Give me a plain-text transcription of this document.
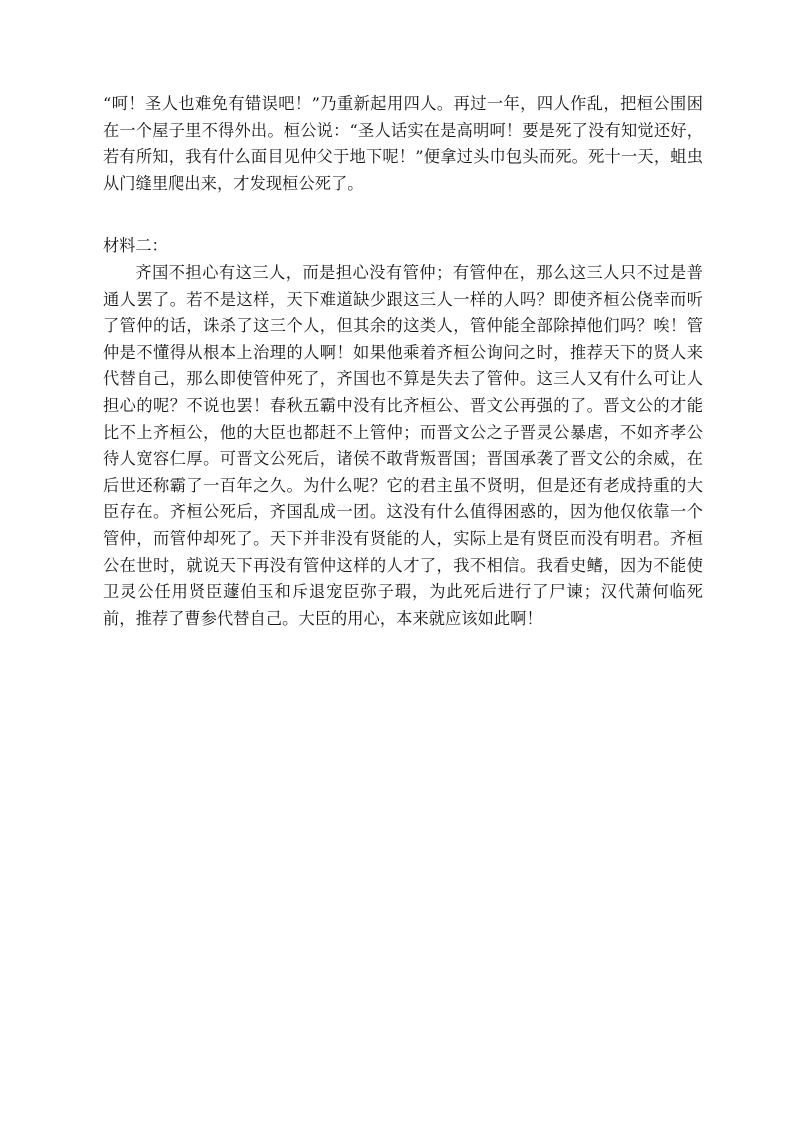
“呵！圣人也难免有错误吧！”乃重新起用四人。再过一年，四人作乱，把桓公围困在一个屋子里不得外出。桓公说：“圣人话实在是高明呵！要是死了没有知觉还好，若有所知，我有什么面目见仲父于地下呢！”便拿过头巾包头而死。死十一天，蛆虫从门缝里爬出来，才发现桓公死了。
材料二：
齐国不担心有这三人，而是担心没有管仲；有管仲在，那么这三人只不过是普通人罢了。若不是这样，天下难道缺少跟这三人一样的人吗？即使齐桓公侥幸而听了管仲的话，诛杀了这三个人，但其余的这类人，管仲能全部除掉他们吗？唉！管仲是不懂得从根本上治理的人啊！如果他乘着齐桓公询问之时，推荐天下的贤人来代替自己，那么即使管仲死了，齐国也不算是失去了管仲。这三人又有什么可让人担心的呢？不说也罢！春秋五霸中没有比齐桓公、晋文公再强的了。晋文公的才能比不上齐桓公，他的大臣也都赶不上管仲；而晋文公之子晋灵公暴虐，不如齐孝公待人宽容仁厚。可晋文公死后，诸侯不敢背叛晋国；晋国承袭了晋文公的余威，在后世还称霸了一百年之久。为什么呢？它的君主虽不贤明，但是还有老成持重的大臣存在。齐桓公死后，齐国乱成一团。这没有什么值得困惑的，因为他仅依靠一个管仲，而管仲却死了。天下并非没有贤能的人，实际上是有贤臣而没有明君。齐桓公在世时，就说天下再没有管仲这样的人才了，我不相信。我看史鳍，因为不能使卫灵公任用贤臣蘧伯玉和斥退宠臣弥子瑕，为此死后进行了尸谏；汉代萧何临死前，推荐了曹参代替自己。大臣的用心，本来就应该如此啊！
